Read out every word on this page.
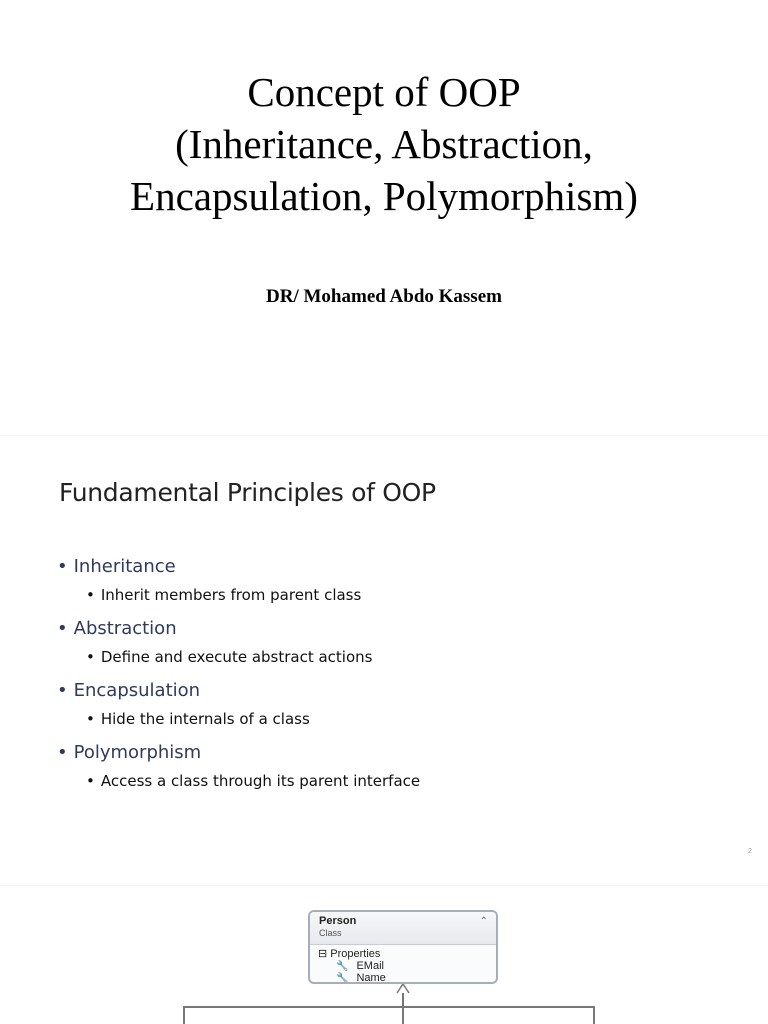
Concept of OOP
(Inheritance, Abstraction,
Encapsulation, Polymorphism)
DR/ Mohamed Abdo Kassem
Fundamental Principles of OOP
• Inheritance
• Inherit members from parent class
• Abstraction
• Define and execute abstract actions
• Encapsulation
• Hide the internals of a class
• Polymorphism
• Access a class through its parent interface
2
Person
Class
⌃
⊟ Properties
🔧 EMail
🔧 Name
